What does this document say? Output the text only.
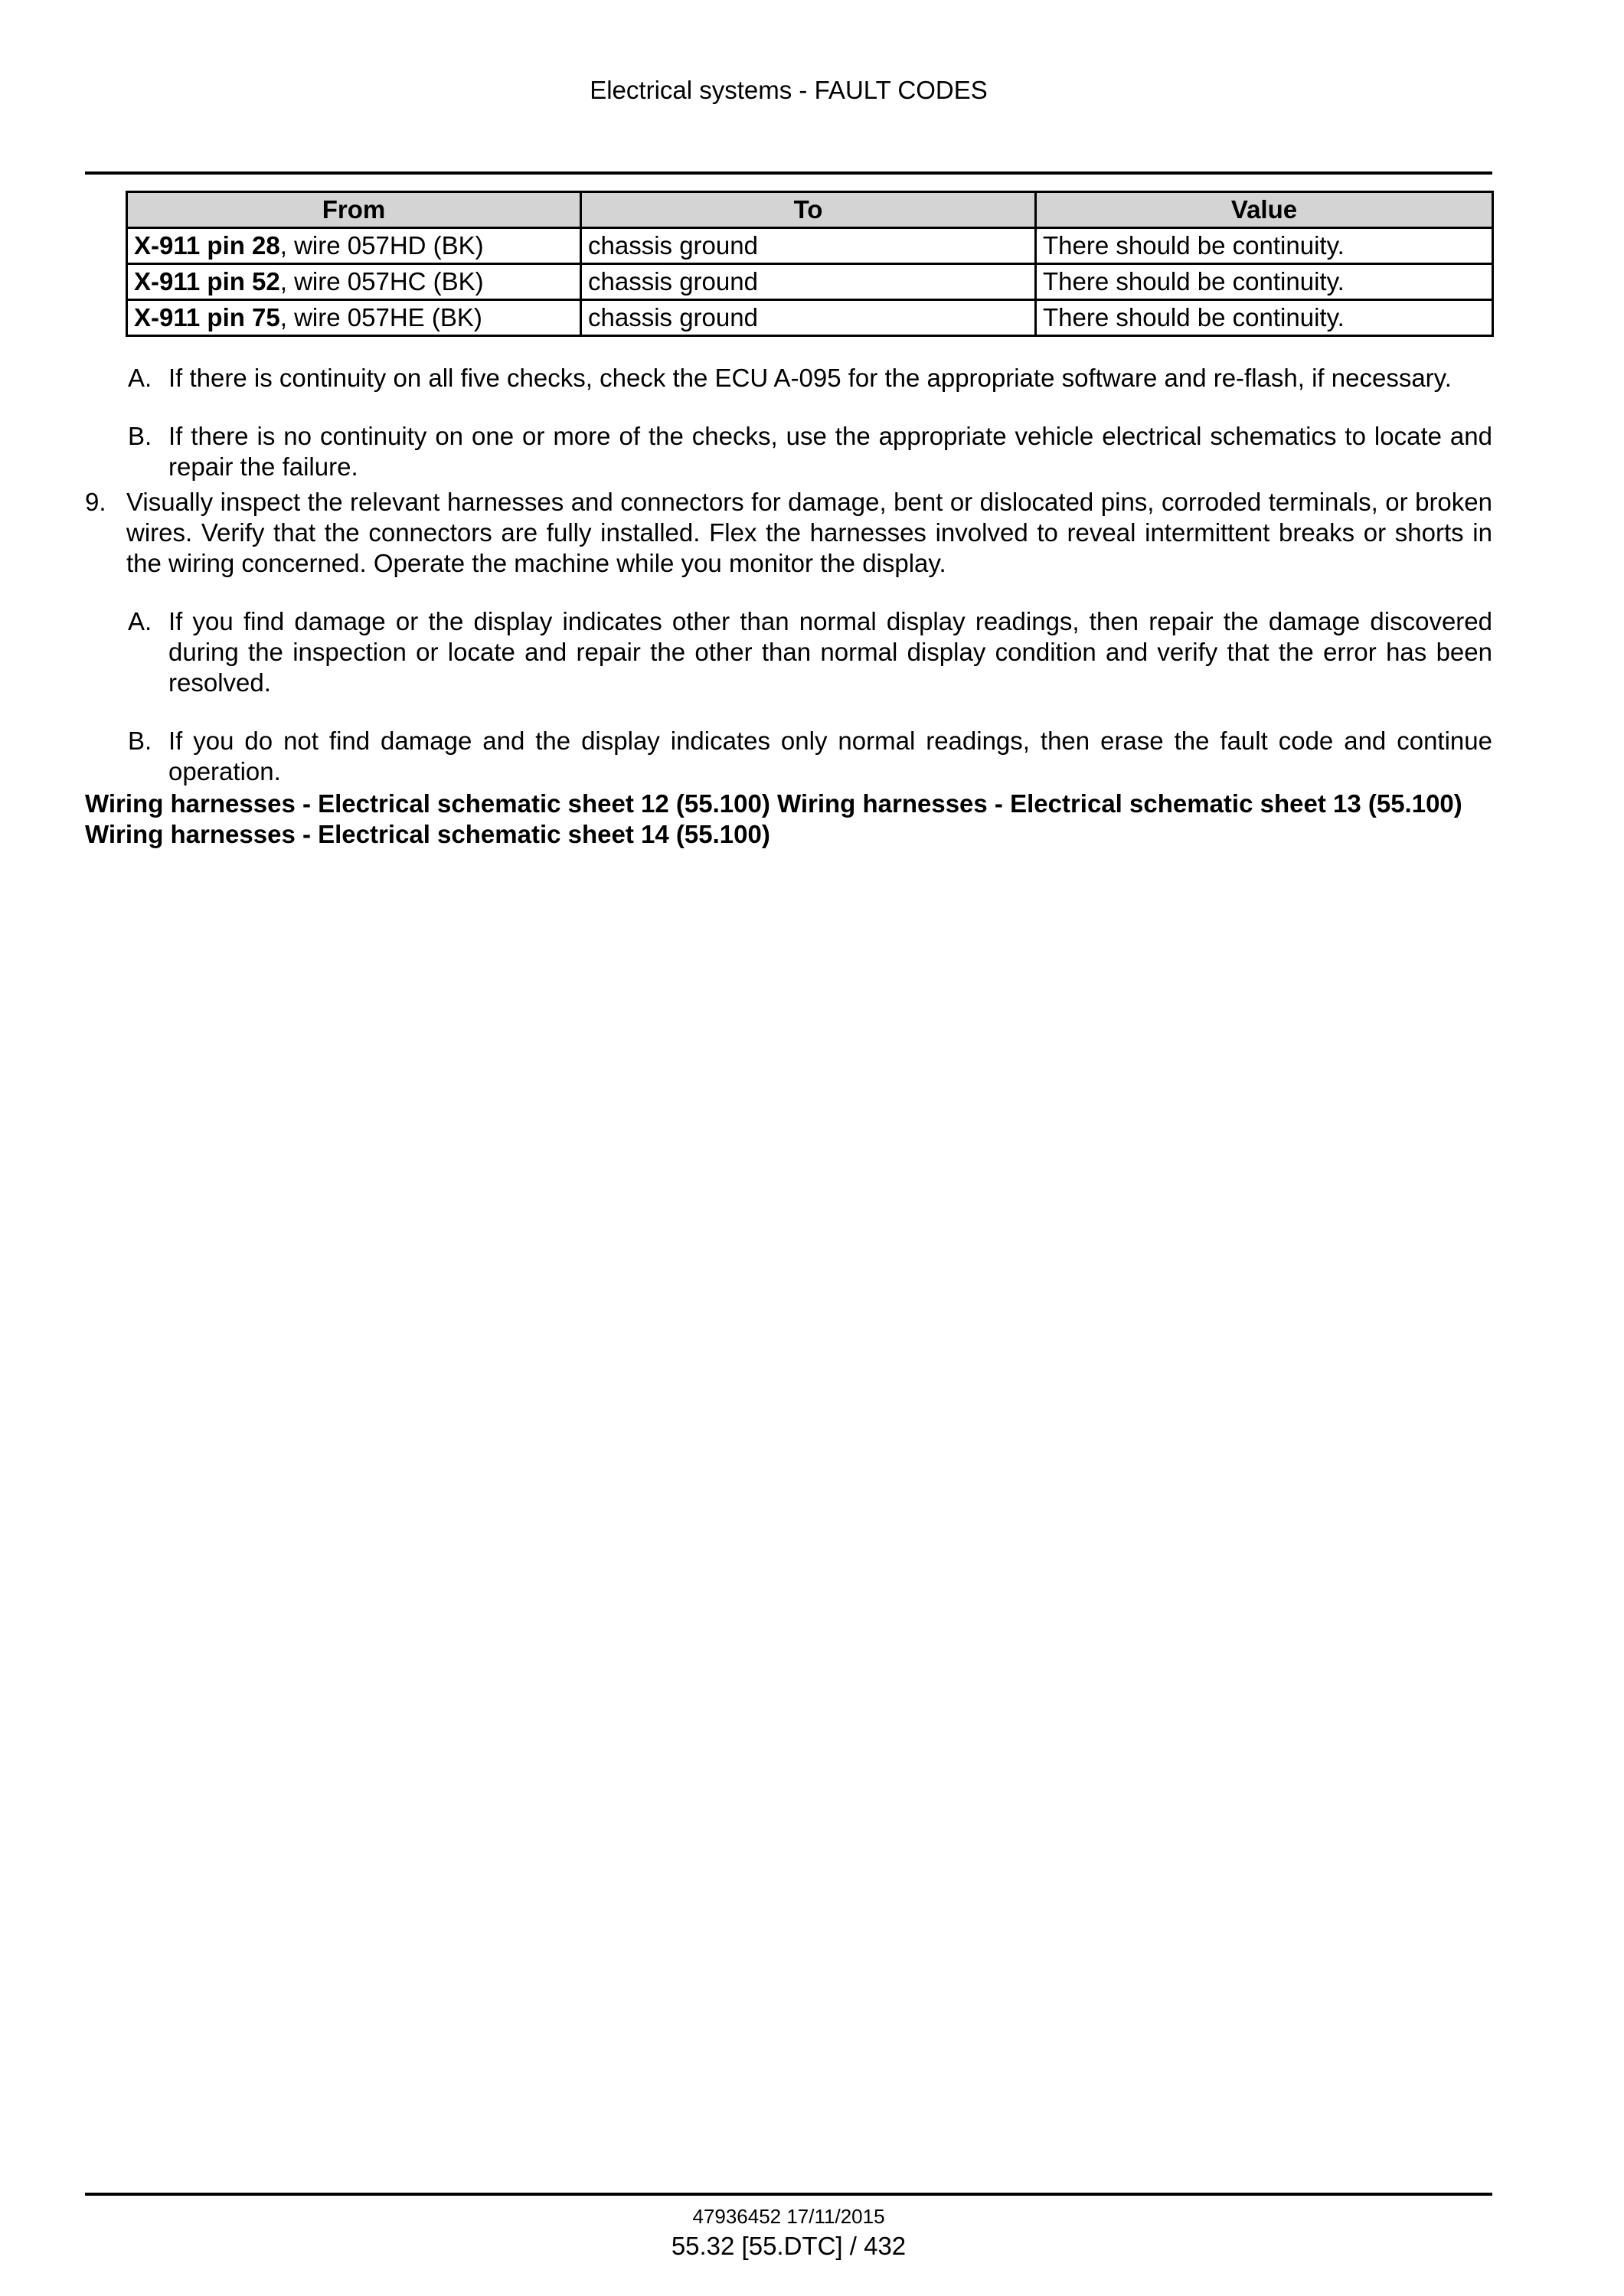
Electrical systems - FAULT CODES
From	To	Value
X-911 pin 28, wire 057HD (BK)	chassis ground	There should be continuity.
X-911 pin 52, wire 057HC (BK)	chassis ground	There should be continuity.
X-911 pin 75, wire 057HE (BK)	chassis ground	There should be continuity.
A. If there is continuity on all five checks, check the ECU A-095 for the appropriate software and re-flash, if necessary.
B. If there is no continuity on one or more of the checks, use the appropriate vehicle electrical schematics to locate and repair the failure.
9. Visually inspect the relevant harnesses and connectors for damage, bent or dislocated pins, corroded terminals, or broken wires. Verify that the connectors are fully installed. Flex the harnesses involved to reveal intermittent breaks or shorts in the wiring concerned. Operate the machine while you monitor the display.
A. If you find damage or the display indicates other than normal display readings, then repair the damage discovered during the inspection or locate and repair the other than normal display condition and verify that the error has been resolved.
B. If you do not find damage and the display indicates only normal readings, then erase the fault code and continue operation.
Wiring harnesses - Electrical schematic sheet 12 (55.100) Wiring harnesses - Electrical schematic sheet 13 (55.100) Wiring harnesses - Electrical schematic sheet 14 (55.100)
47936452 17/11/2015
55.32 [55.DTC] / 432
